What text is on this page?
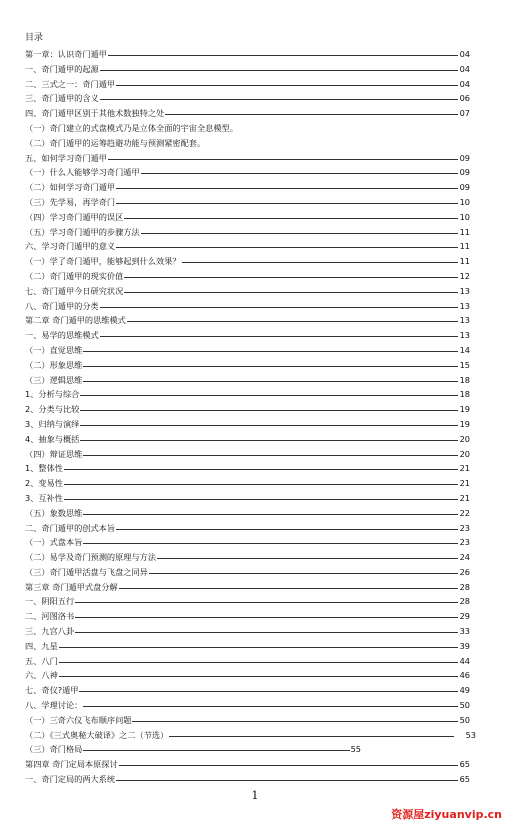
目录
第一章：认识奇门遁甲	04
一、奇门遁甲的起源	04
二、三式之一：奇门遁甲	04
三、奇门遁甲的含义	06
四、奇门遁甲区别于其他术数独特之处	07
（一）奇门建立的式盘模式乃是立体全面的宇宙全息模型。
（二）奇门遁甲的运筹趋避功能与预测紧密配套。
五、如何学习奇门遁甲	09
（一）什么人能够学习奇门遁甲	09
（二）如何学习奇门遁甲	09
（三）先学易，再学奇门	10
（四）学习奇门遁甲的误区	10
（五）学习奇门遁甲的步骤方法	11
六、学习奇门遁甲的意义	11
（一）学了奇门遁甲，能够起到什么效果？	11
（二）奇门遁甲的现实价值	12
七、奇门遁甲今日研究状况	13
八、奇门遁甲的分类	13
第二章 奇门遁甲的思维模式	13
一、易学的思维模式	13
（一）直觉思维	14
（二）形象思维	15
（三）逻辑思维	18
1、分析与综合	18
2、分类与比较	19
3、归纳与演绎	19
4、抽象与概括	20
（四）辩证思维	20
1、整体性	21
2、变易性	21
3、互补性	21
（五）象数思维	22
二、奇门遁甲的创式本旨	23
（一）式盘本旨	23
（二）易学及奇门预测的原理与方法	24
（三）奇门遁甲活盘与飞盘之同异	26
第三章 奇门遁甲式盘分解	28
一、阴阳五行	28
二、河图洛书	29
三、九宫八卦	33
四、九星	39
五、八门	44
六、八神	46
七、奇仪?遁甲	49
八、学理讨论：	50
（一）三奇六仪飞布顺序问题	50
（二）《三式奥秘大破译》之二（节选）	53
（三）奇门格局	55
第四章 奇门定局本原探讨	65
一、奇门定局的两大系统	65
1
资源屋ziyuanvip.cn
